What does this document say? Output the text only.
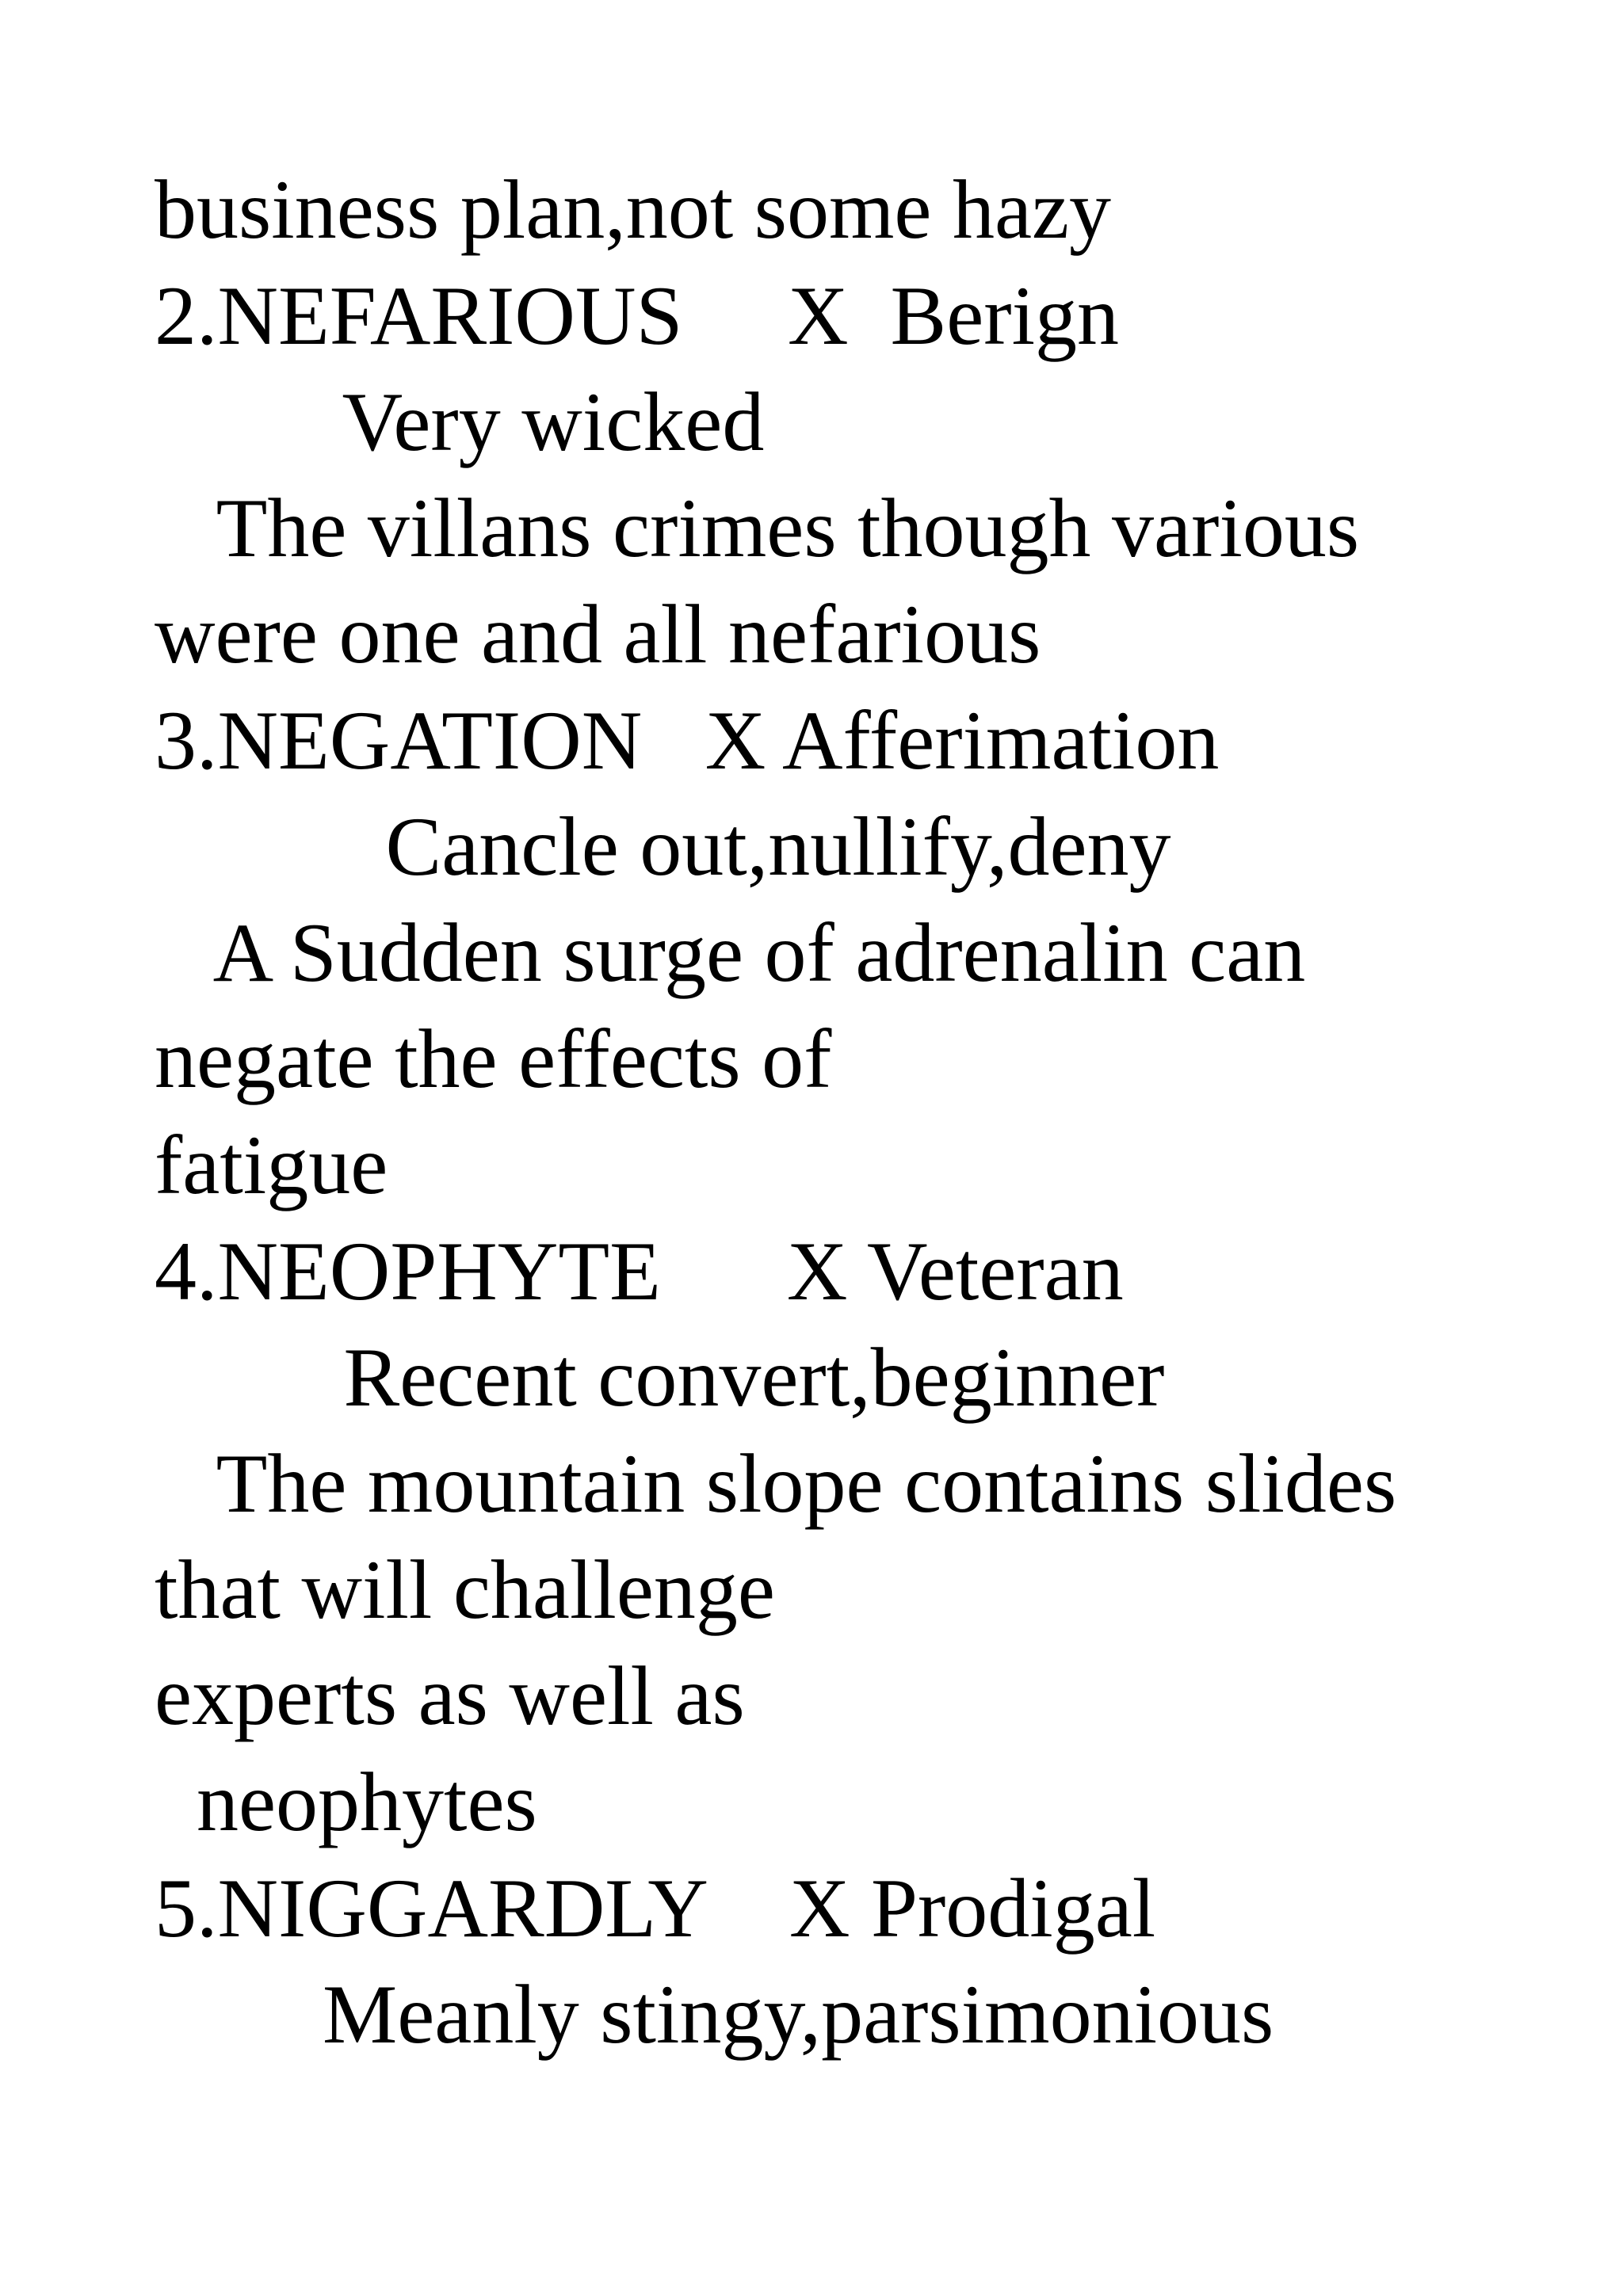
business plan,not some hazy
2.NEFARIOUS     X  Berign
Very wicked
The villans crimes though various
were one and all nefarious
3.NEGATION   X Afferimation
Cancle out,nullify,deny
A Sudden surge of adrenalin can
negate the effects of
fatigue
4.NEOPHYTE      X Veteran
Recent convert,beginner
The mountain slope contains slides
that will challenge
experts as well as
neophytes
5.NIGGARDLY    X Prodigal
Meanly stingy,parsimonious
